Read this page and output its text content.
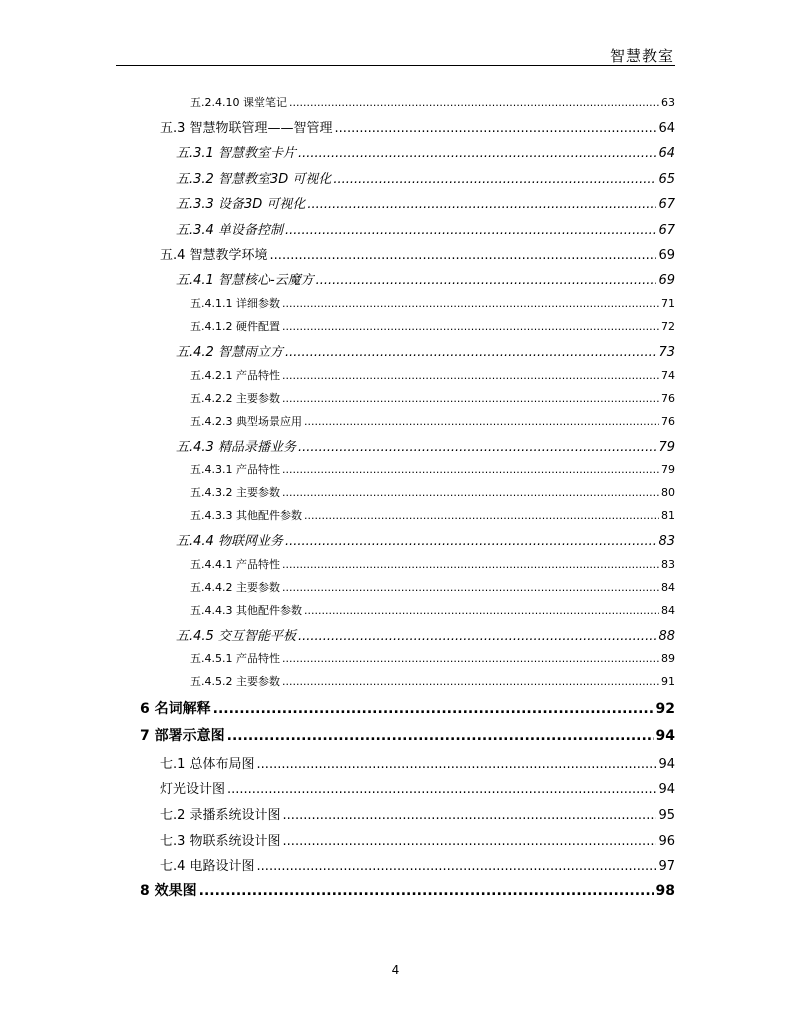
智慧教室
五.2.4.10 课堂笔记 .....	63
五.3 智慧物联管理——智管理 .....	64
五.3.1 智慧教室卡片 .....	64
五.3.2 智慧教室3D 可视化 .....	65
五.3.3 设备3D 可视化 .....	67
五.3.4 单设备控制 .....	67
五.4 智慧教学环境 .....	69
五.4.1 智慧核心-云魔方 .....	69
五.4.1.1 详细参数 .....	71
五.4.1.2 硬件配置 .....	72
五.4.2 智慧雨立方 .....	73
五.4.2.1 产品特性 .....	74
五.4.2.2 主要参数 .....	76
五.4.2.3 典型场景应用 .....	76
五.4.3 精品录播业务 .....	79
五.4.3.1 产品特性 .....	79
五.4.3.2 主要参数 .....	80
五.4.3.3 其他配件参数 .....	81
五.4.4 物联网业务 .....	83
五.4.4.1 产品特性 .....	83
五.4.4.2 主要参数 .....	84
五.4.4.3 其他配件参数 .....	84
五.4.5 交互智能平板 .....	88
五.4.5.1 产品特性 .....	89
五.4.5.2 主要参数 .....	91
6 名词解释 .....	92
7 部署示意图 .....	94
七.1 总体布局图 .....	94
灯光设计图 .....	94
七.2 录播系统设计图 .....	95
七.3 物联系统设计图 .....	96
七.4 电路设计图 .....	97
8 效果图 .....	98
4
